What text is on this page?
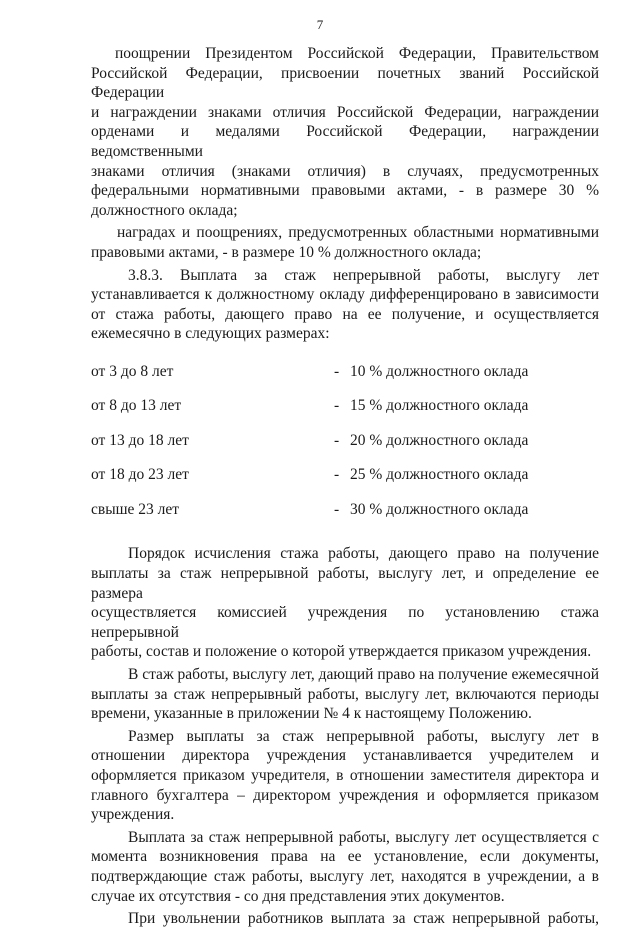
7

поощрении Президентом Российской Федерации, Правительством

Российской Федерации, присвоении почетных званий Российской Федерации

и награждении знаками отличия Российской Федерации, награждении

орденами и медалями Российской Федерации, награждении ведомственными

знаками отличия (знаками отличия) в случаях, предусмотренных

федеральными нормативными правовыми актами, - в размере 30 %

должностного оклада;

наградах и поощрениях, предусмотренных областными нормативными

правовыми актами, - в размере 10 % должностного оклада;

3.8.3. Выплата за стаж непрерывной работы, выслугу лет

устанавливается к должностному окладу дифференцировано в зависимости

от стажа работы, дающего право на ее получение, и осуществляется

ежемесячно в следующих размерах:

от 3 до 8 лет	- 10 % должностного оклада
от 8 до 13 лет	- 15 % должностного оклада
от 13 до 18 лет	- 20 % должностного оклада
от 18 до 23 лет	- 25 % должностного оклада
свыше 23 лет	- 30 % должностного оклада

Порядок исчисления стажа работы, дающего право на получение

выплаты за стаж непрерывной работы, выслугу лет, и определение ее размера

осуществляется комиссией учреждения по установлению стажа непрерывной

работы, состав и положение о которой утверждается приказом учреждения.

В стаж работы, выслугу лет, дающий право на получение ежемесячной

выплаты за стаж непрерывный работы, выслугу лет, включаются периоды

времени, указанные в приложении № 4 к настоящему Положению.

Размер выплаты за стаж непрерывной работы, выслугу лет в

отношении директора учреждения устанавливается учредителем и

оформляется приказом учредителя, в отношении заместителя директора и

главного бухгалтера – директором учреждения и оформляется приказом

учреждения.

Выплата за стаж непрерывной работы, выслугу лет осуществляется с

момента возникновения права на ее установление, если документы,

подтверждающие стаж работы, выслугу лет, находятся в учреждении, а в

случае их отсутствия - со дня представления этих документов.

При увольнении работников выплата за стаж непрерывной работы,
